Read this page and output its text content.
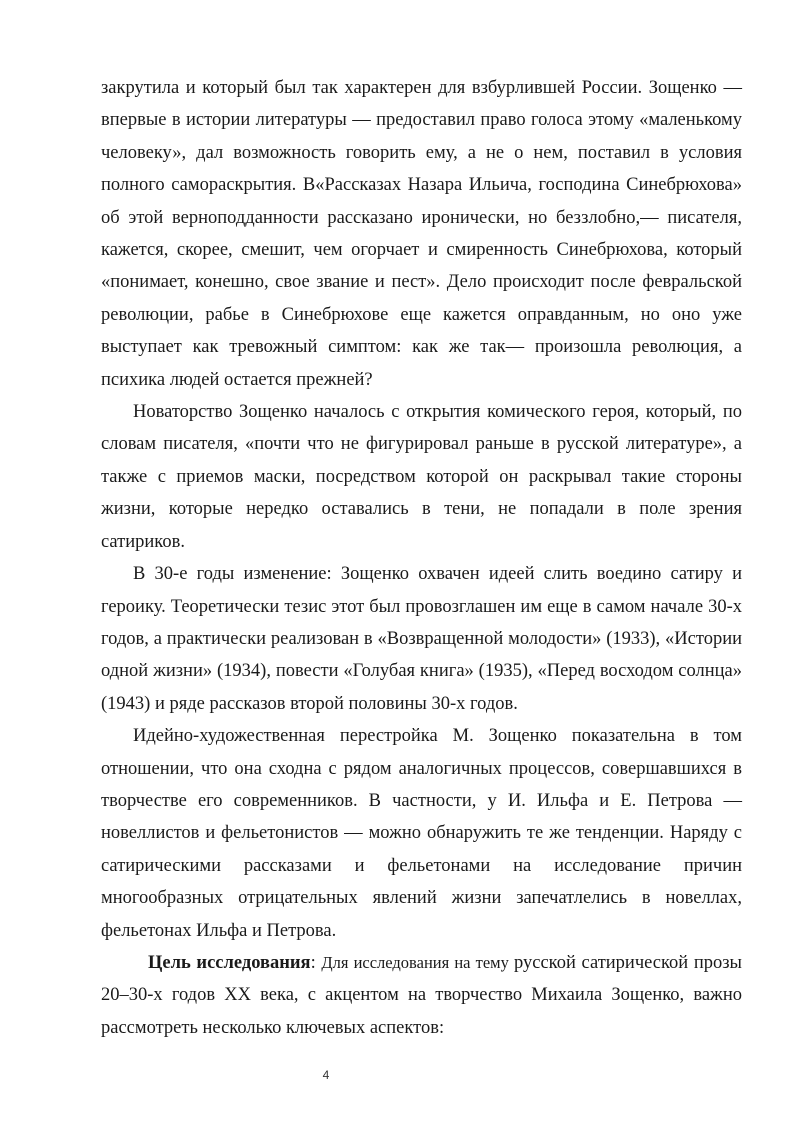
закрутила и который был так характерен для взбурлившей России. Зощенко — впервые в истории литературы — предоставил право голоса этому «маленькому человеку», дал возможность говорить ему, а не о нем, поставил в условия полного самораскрытия. В«Рассказах Назара Ильича, господина Синебрюхова» об этой верноподданности рассказано иронически, но беззлобно,— писателя, кажется, скорее, смешит, чем огорчает и смиренность Синебрюхова, который «понимает, конешно, свое звание и пест». Дело происходит после февральской революции, рабье в Синебрюхове еще кажется оправданным, но оно уже выступает как тревожный симптом: как же так— произошла революция, а психика людей остается прежней?

Новаторство Зощенко началось с открытия комического героя, который, по словам писателя, «почти что не фигурировал раньше в русской литературе», а также с приемов маски, посредством которой он раскрывал такие стороны жизни, которые нередко оставались в тени, не попадали в поле зрения сатириков.

В 30-е годы изменение: Зощенко охвачен идеей слить воедино сатиру и героику. Теоретически тезис этот был провозглашен им еще в самом начале 30-х годов, а практически реализован в «Возвращенной молодости» (1933), «Истории одной жизни» (1934), повести «Голубая книга» (1935), «Перед восходом солнца» (1943) и ряде рассказов второй половины 30-х годов.

Идейно-художественная перестройка М. Зощенко показательна в том отношении, что она сходна с рядом аналогичных процессов, совершавшихся в творчестве его современников. В частности, у И. Ильфа и Е. Петрова — новеллистов и фельетонистов — можно обнаружить те же тенденции. Наряду с сатирическими рассказами и фельетонами на исследование причин многообразных отрицательных явлений жизни запечатлелись в новеллах, фельетонах Ильфа и Петрова.

Цель исследования: Для исследования на тему русской сатирической прозы 20–30-х годов XX века, с акцентом на творчество Михаила Зощенко, важно рассмотреть несколько ключевых аспектов:

4
